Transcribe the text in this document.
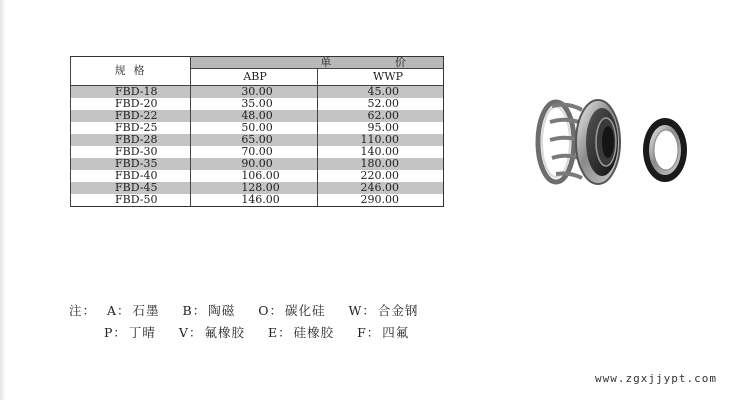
规格	单 价	
	ABP	WWP
FBD-18	30.00	45.00
FBD-20	35.00	52.00
FBD-22	48.00	62.00
FBD-25	50.00	95.00
FBD-28	65.00	110.00
FBD-30	70.00	140.00
FBD-35	90.00	180.00
FBD-40	106.00	220.00
FBD-45	128.00	246.00
FBD-50	146.00	290.00
注： A： 石墨 B： 陶磁 O： 碳化硅 W： 合金钢
P： 丁晴 V： 氟橡胶 E： 硅橡胶 F： 四氟
www.zgxjjypt.com
